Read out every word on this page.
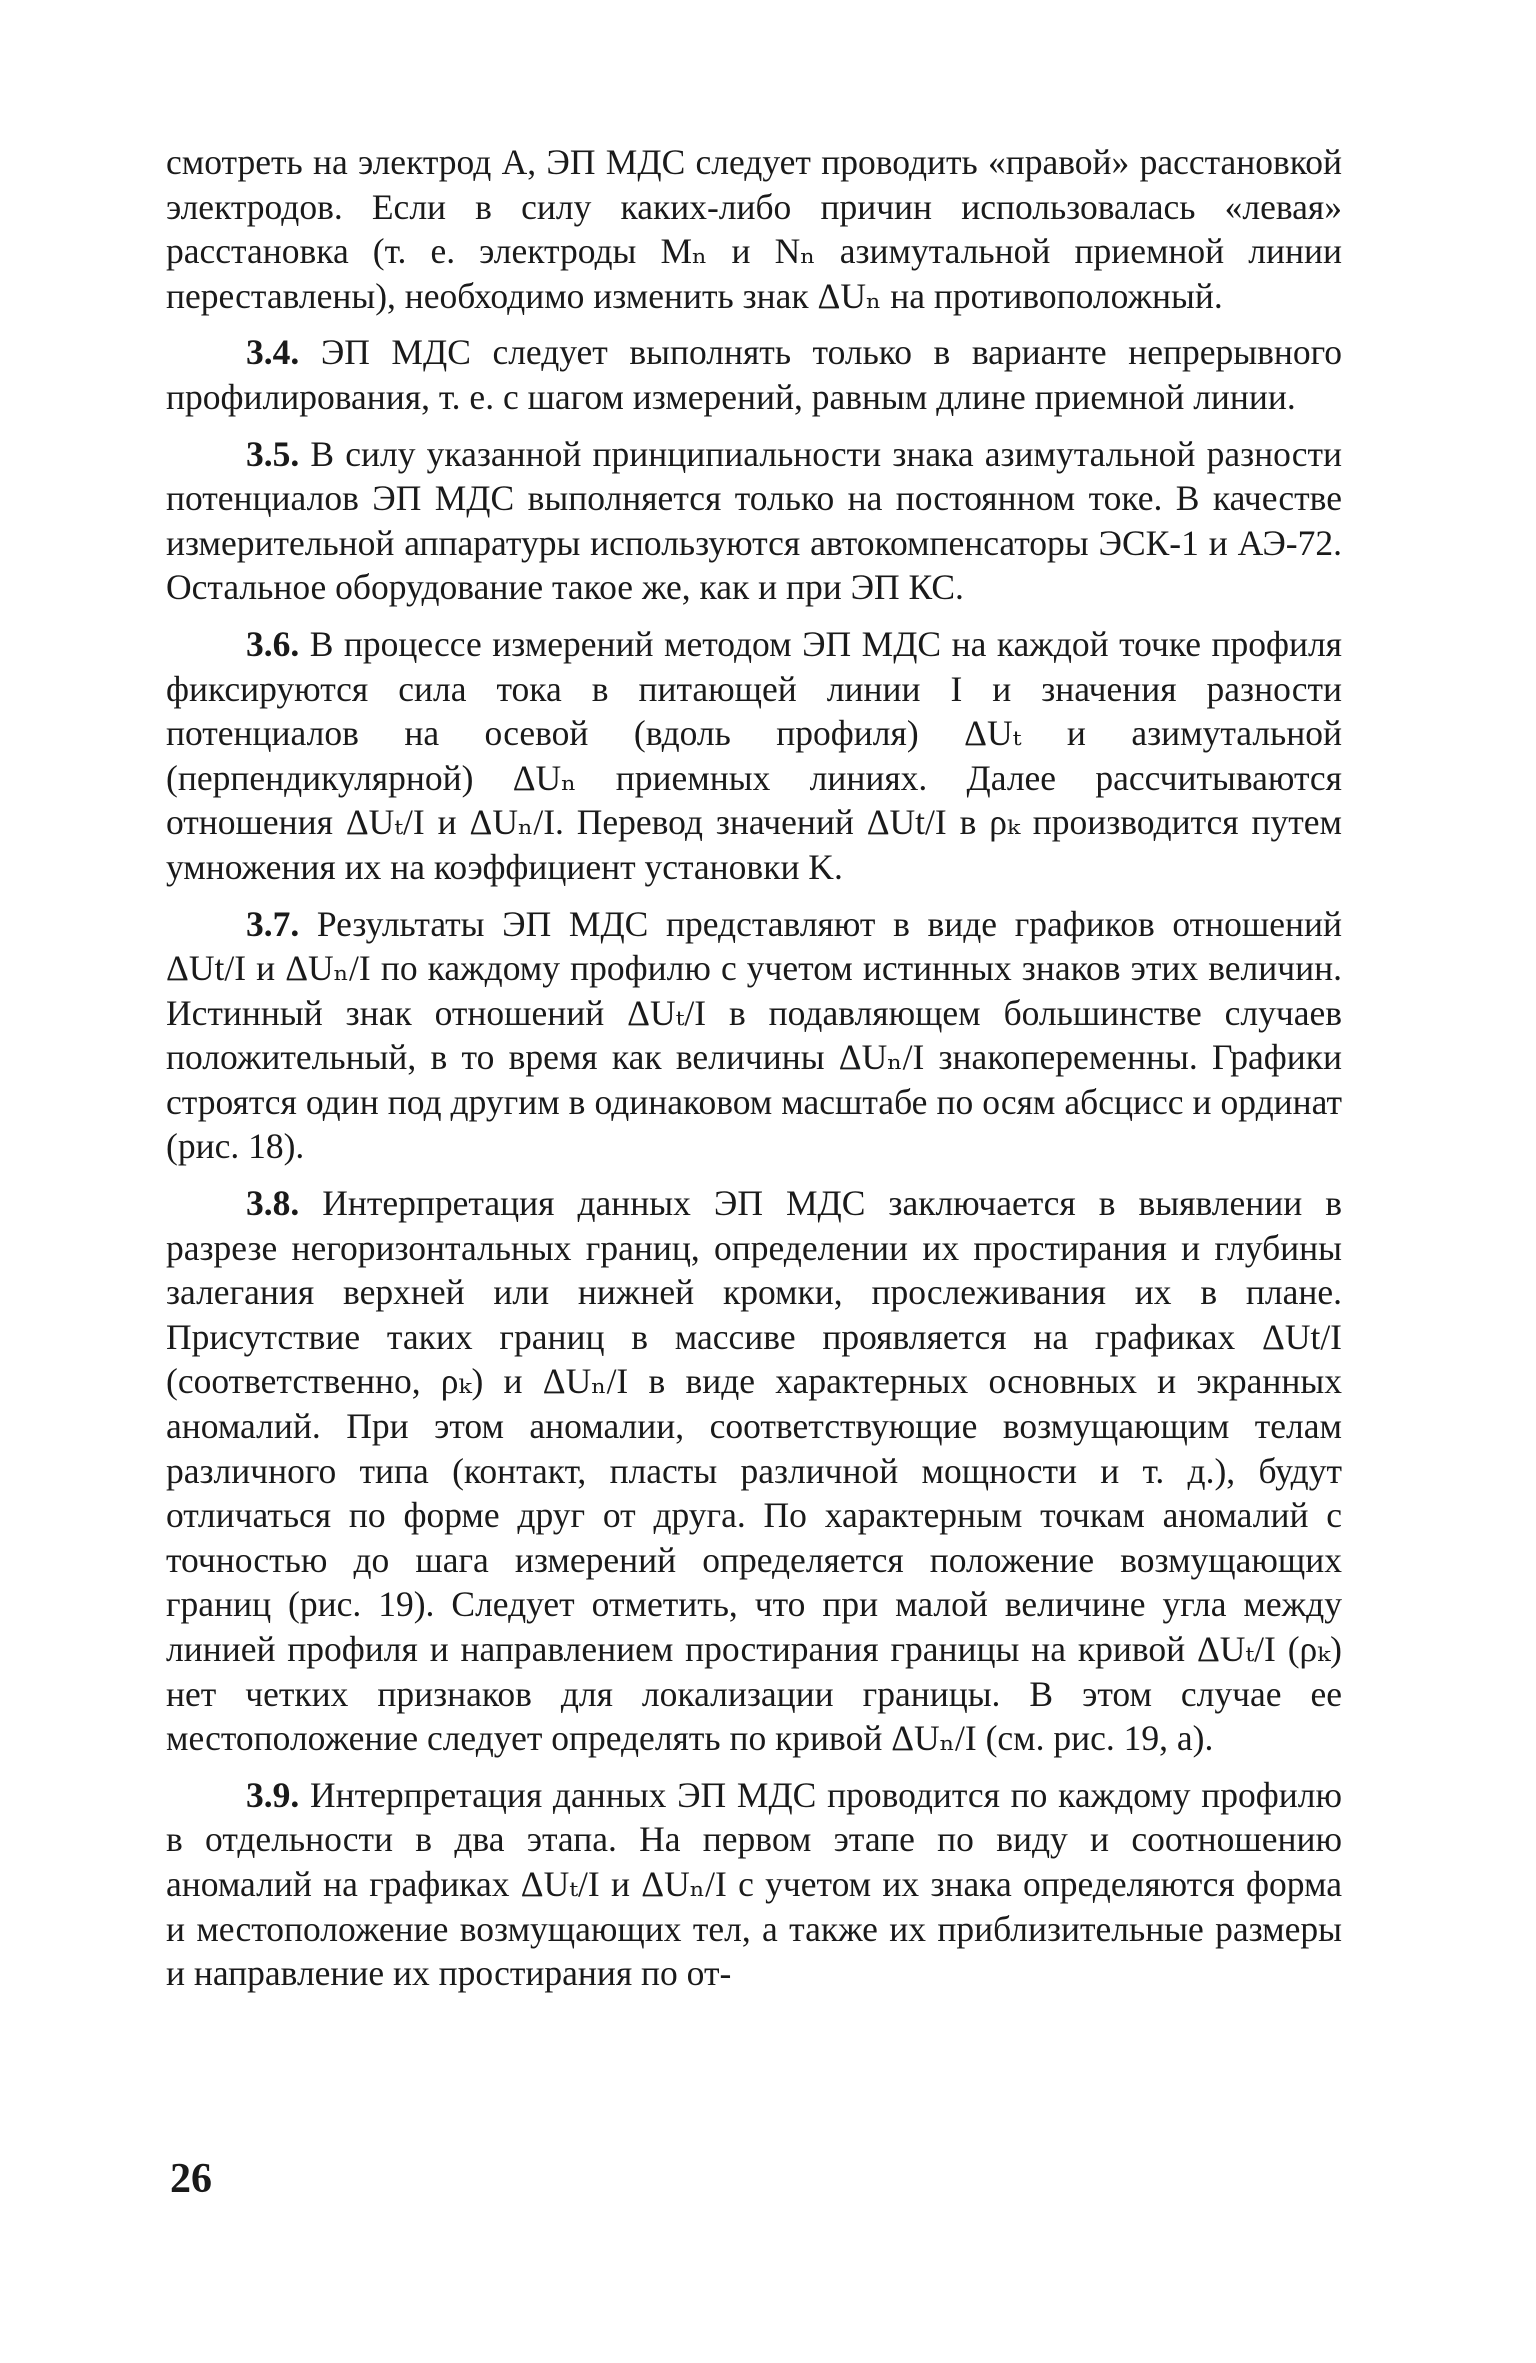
смотреть на электрод A, ЭП МДС следует проводить «правой» расстановкой электродов. Если в силу каких-либо причин использовалась «левая» расстановка (т. е. электроды Mₙ и Nₙ азимутальной приемной линии переставлены), необходимо изменить знак ΔUₙ на противоположный.

3.4. ЭП МДС следует выполнять только в варианте непрерывного профилирования, т. е. с шагом измерений, равным длине приемной линии.

3.5. В силу указанной принципиальности знака азимутальной разности потенциалов ЭП МДС выполняется только на постоянном токе. В качестве измерительной аппаратуры используются автокомпенсаторы ЭСК-1 и АЭ-72. Остальное оборудование такое же, как и при ЭП КС.

3.6. В процессе измерений методом ЭП МДС на каждой точке профиля фиксируются сила тока в питающей линии I и значения разности потенциалов на осевой (вдоль профиля) ΔUₜ и азимутальной (перпендикулярной) ΔUₙ приемных линиях. Далее рассчитываются отношения ΔUₜ/I и ΔUₙ/I. Перевод значений ΔUt/I в ρₖ производится путем умножения их на коэффициент установки K.

3.7. Результаты ЭП МДС представляют в виде графиков отношений ΔUt/I и ΔUₙ/I по каждому профилю с учетом истинных знаков этих величин. Истинный знак отношений ΔUₜ/I в подавляющем большинстве случаев положительный, в то время как величины ΔUₙ/I знакопеременны. Графики строятся один под другим в одинаковом масштабе по осям абсцисс и ординат (рис. 18).

3.8. Интерпретация данных ЭП МДС заключается в выявлении в разрезе негоризонтальных границ, определении их простирания и глубины залегания верхней или нижней кромки, прослеживания их в плане. Присутствие таких границ в массиве проявляется на графиках ΔUt/I (соответственно, ρₖ) и ΔUₙ/I в виде характерных основных и экранных аномалий. При этом аномалии, соответствующие возмущающим телам различного типа (контакт, пласты различной мощности и т. д.), будут отличаться по форме друг от друга. По характерным точкам аномалий с точностью до шага измерений определяется положение возмущающих границ (рис. 19). Следует отметить, что при малой величине угла между линией профиля и направлением простирания границы на кривой ΔUₜ/I (ρₖ) нет четких признаков для локализации границы. В этом случае ее местоположение следует определять по кривой ΔUₙ/I (см. рис. 19, a).

3.9. Интерпретация данных ЭП МДС проводится по каждому профилю в отдельности в два этапа. На первом этапе по виду и соотношению аномалий на графиках ΔUₜ/I и ΔUₙ/I с учетом их знака определяются форма и местоположение возмущающих тел, а также их приблизительные размеры и направление их простирания по от-

26
